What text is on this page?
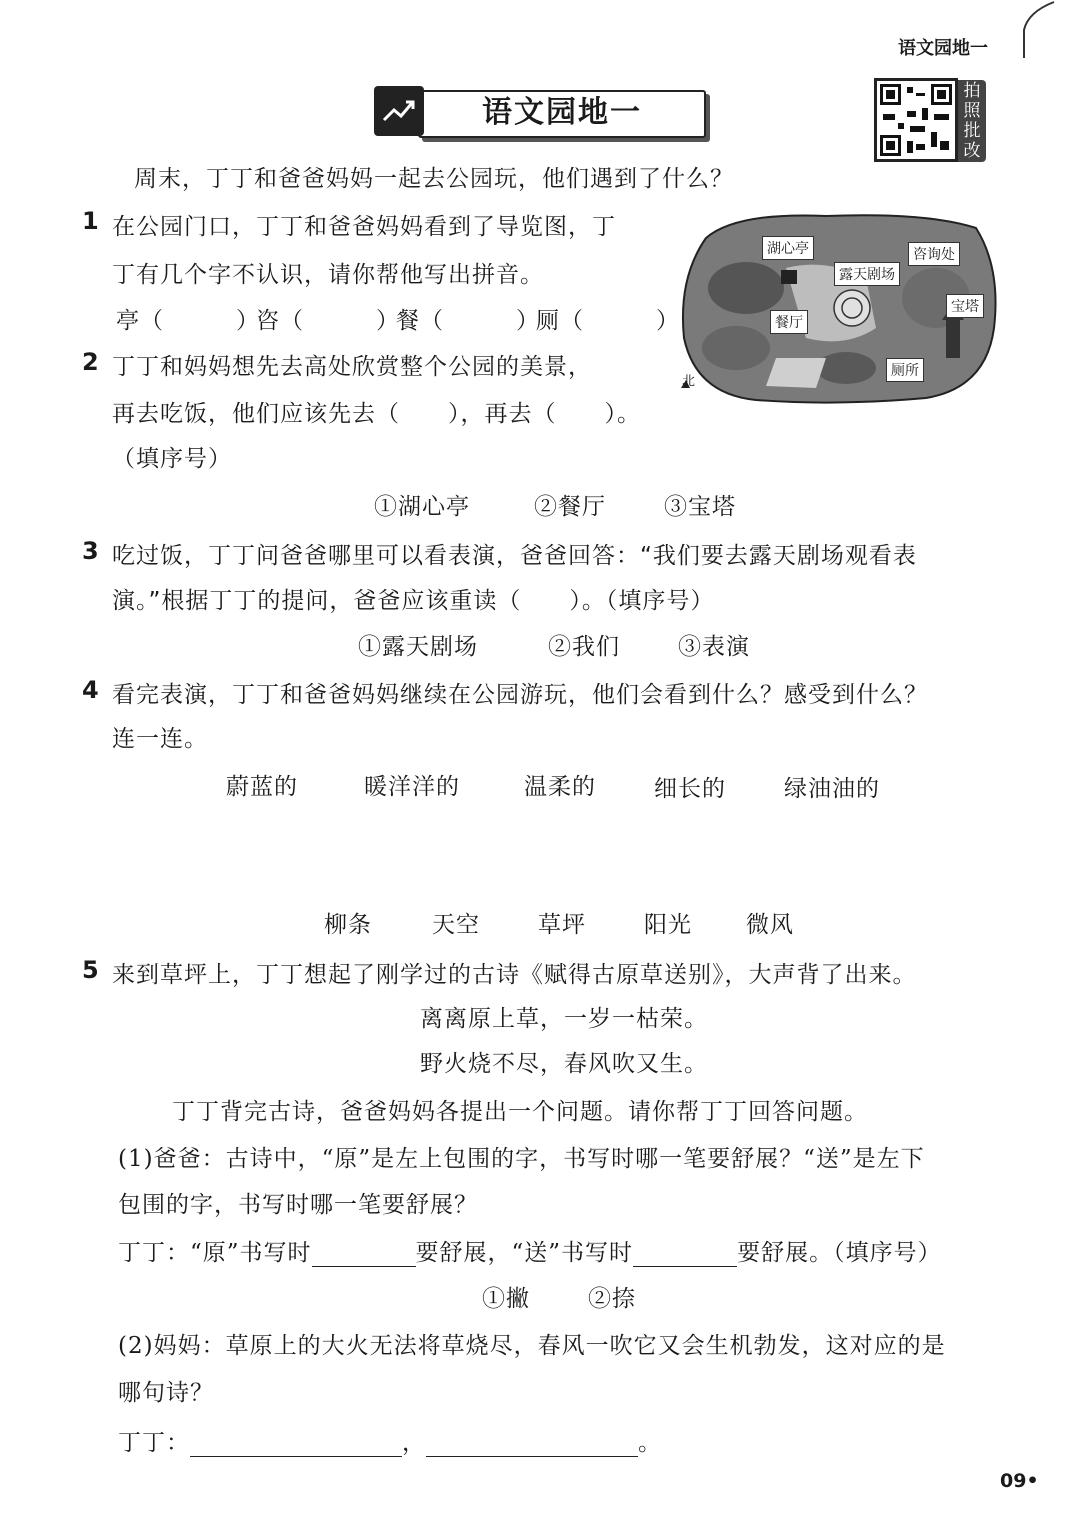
语文园地一
语文园地一
拍
照
批
改
周末，丁丁和爸爸妈妈一起去公园玩，他们遇到了什么？
1 在公园门口，丁丁和爸爸妈妈看到了导览图，丁
丁有几个字不认识，请你帮他写出拼音。
亭（　　　）
咨（　　　）
餐（　　　）
厕（　　　）
湖心亭	咨询处
露天剧场
宝塔
餐厅
厕所
北
2 丁丁和妈妈想先去高处欣赏整个公园的美景，
再去吃饭，他们应该先去（　　），再去（　　）。
（填序号）
①湖心亭	②餐厅	③宝塔
3 吃过饭，丁丁问爸爸哪里可以看表演，爸爸回答：“我们要去露天剧场观看表
演。”根据丁丁的提问，爸爸应该重读（　　）。（填序号）
①露天剧场	②我们	③表演
4 看完表演，丁丁和爸爸妈妈继续在公园游玩，他们会看到什么？感受到什么？
连一连。
蔚蓝的	暖洋洋的	温柔的	细长的	绿油油的
柳条	天空	草坪	阳光 微风
5 来到草坪上，丁丁想起了刚学过的古诗《赋得古原草送别》，大声背了出来。
离离原上草，一岁一枯荣。
野火烧不尽，春风吹又生。
丁丁背完古诗，爸爸妈妈各提出一个问题。请你帮丁丁回答问题。
(1)爸爸：古诗中，“原”是左上包围的字，书写时哪一笔要舒展？“送”是左下
包围的字，书写时哪一笔要舒展？
丁丁：“原”书写时	要舒展，“送”书写时	要舒展。（填序号）
①撇	②捺
(2)妈妈：草原上的大火无法将草烧尽，春风一吹它又会生机勃发，这对应的是
哪句诗？
丁丁：	，	。
09•
